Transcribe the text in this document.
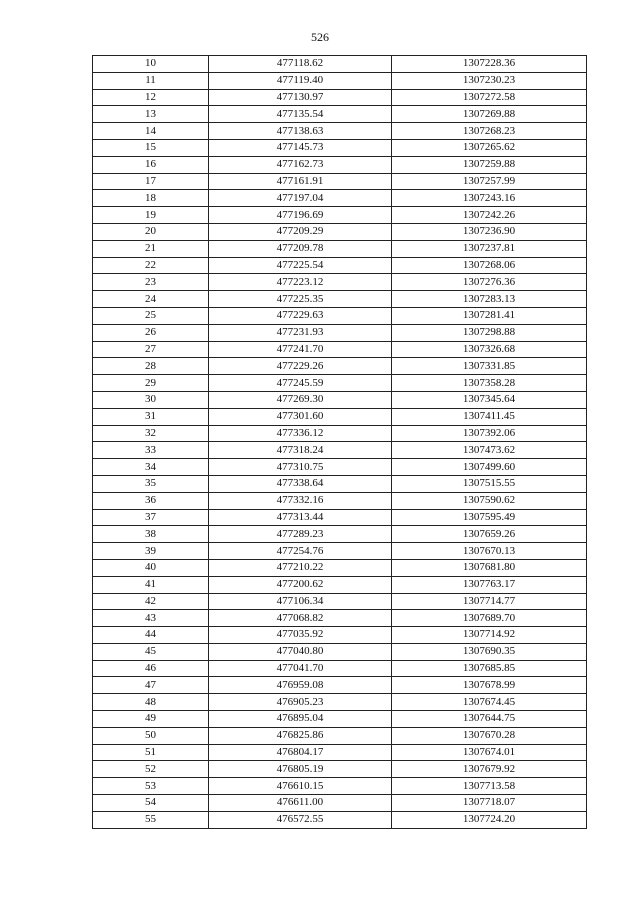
526
10	477118.62	1307228.36
11	477119.40	1307230.23
12	477130.97	1307272.58
13	477135.54	1307269.88
14	477138.63	1307268.23
15	477145.73	1307265.62
16	477162.73	1307259.88
17	477161.91	1307257.99
18	477197.04	1307243.16
19	477196.69	1307242.26
20	477209.29	1307236.90
21	477209.78	1307237.81
22	477225.54	1307268.06
23	477223.12	1307276.36
24	477225.35	1307283.13
25	477229.63	1307281.41
26	477231.93	1307298.88
27	477241.70	1307326.68
28	477229.26	1307331.85
29	477245.59	1307358.28
30	477269.30	1307345.64
31	477301.60	1307411.45
32	477336.12	1307392.06
33	477318.24	1307473.62
34	477310.75	1307499.60
35	477338.64	1307515.55
36	477332.16	1307590.62
37	477313.44	1307595.49
38	477289.23	1307659.26
39	477254.76	1307670.13
40	477210.22	1307681.80
41	477200.62	1307763.17
42	477106.34	1307714.77
43	477068.82	1307689.70
44	477035.92	1307714.92
45	477040.80	1307690.35
46	477041.70	1307685.85
47	476959.08	1307678.99
48	476905.23	1307674.45
49	476895.04	1307644.75
50	476825.86	1307670.28
51	476804.17	1307674.01
52	476805.19	1307679.92
53	476610.15	1307713.58
54	476611.00	1307718.07
55	476572.55	1307724.20
